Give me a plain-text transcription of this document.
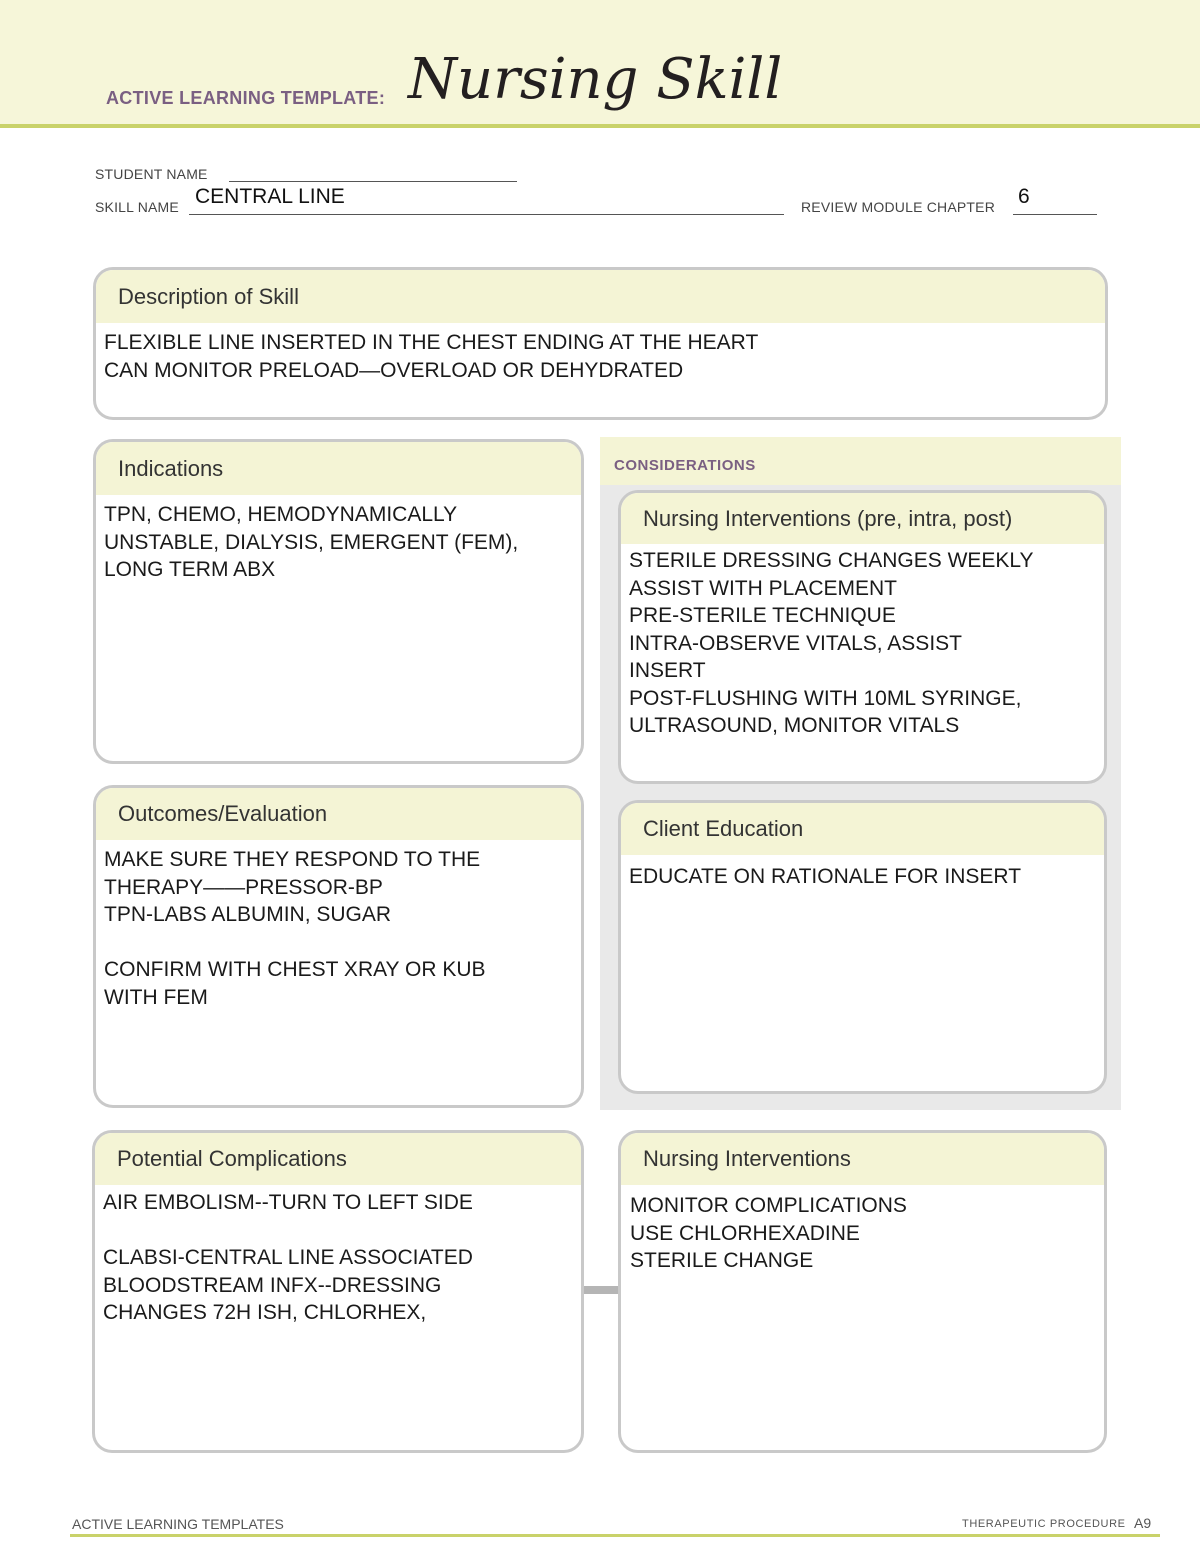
ACTIVE LEARNING TEMPLATE: Nursing Skill
STUDENT NAME
SKILL NAME CENTRAL LINE	REVIEW MODULE CHAPTER 6
Description of Skill
FLEXIBLE LINE INSERTED IN THE CHEST ENDING AT THE HEART
CAN MONITOR PRELOAD—OVERLOAD OR DEHYDRATED
Indications
TPN, CHEMO, HEMODYNAMICALLY
UNSTABLE, DIALYSIS, EMERGENT (FEM),
LONG TERM ABX
CONSIDERATIONS
Nursing Interventions (pre, intra, post)
STERILE DRESSING CHANGES WEEKLY
ASSIST WITH PLACEMENT
PRE-STERILE TECHNIQUE
INTRA-OBSERVE VITALS, ASSIST
INSERT
POST-FLUSHING WITH 10ML SYRINGE,
ULTRASOUND, MONITOR VITALS
Outcomes/Evaluation
MAKE SURE THEY RESPOND TO THE
THERAPY——PRESSOR-BP
TPN-LABS ALBUMIN, SUGAR

CONFIRM WITH CHEST XRAY OR KUB
WITH FEM
Client Education
EDUCATE ON RATIONALE FOR INSERT
Potential Complications
AIR EMBOLISM--TURN TO LEFT SIDE

CLABSI-CENTRAL LINE ASSOCIATED
BLOODSTREAM INFX--DRESSING
CHANGES 72H ISH, CHLORHEX,
Nursing Interventions
MONITOR COMPLICATIONS
USE CHLORHEXADINE
STERILE CHANGE
ACTIVE LEARNING TEMPLATES	THERAPEUTIC PROCEDURE A9
